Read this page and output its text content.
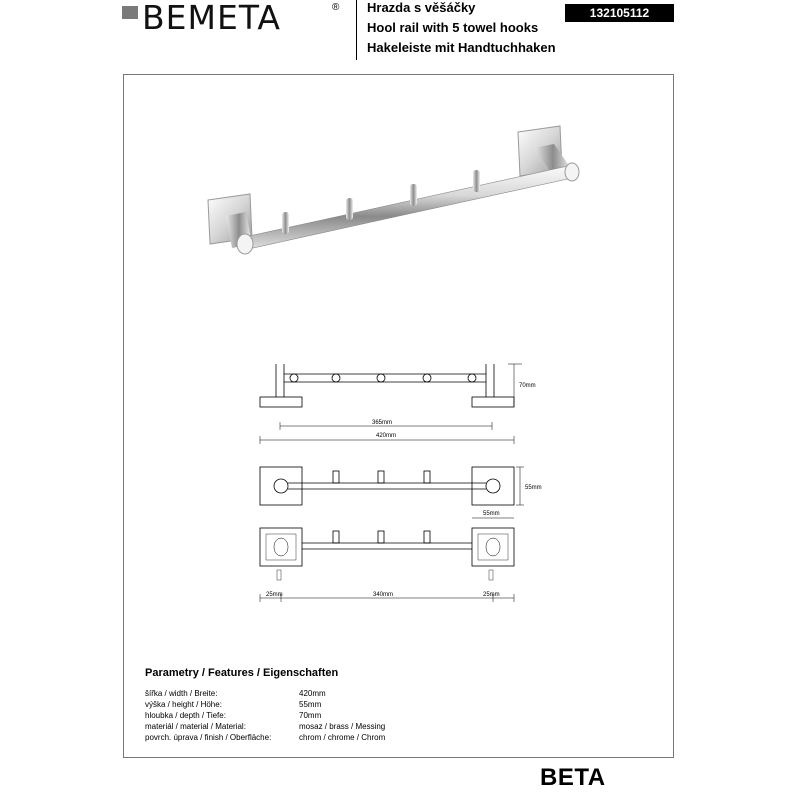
BEMETA	® Hrazda s věšáčky
Hool rail with 5 towel hooks
Hakeleiste mit Handtuchhaken
132105112
70mm
365mm
420mm
55mm
55mm
25mm	340mm	25mm
Parametry / Features / Eigenschaften
šířka / width / Breite:	420mm
výška / height / Höhe:	55mm
hloubka / depth / Tiefe:	70mm
materiál / material / Material:	mosaz / brass / Messing
povrch. úprava / finish / Oberfläche:	chrom / chrome / Chrom
BETA
